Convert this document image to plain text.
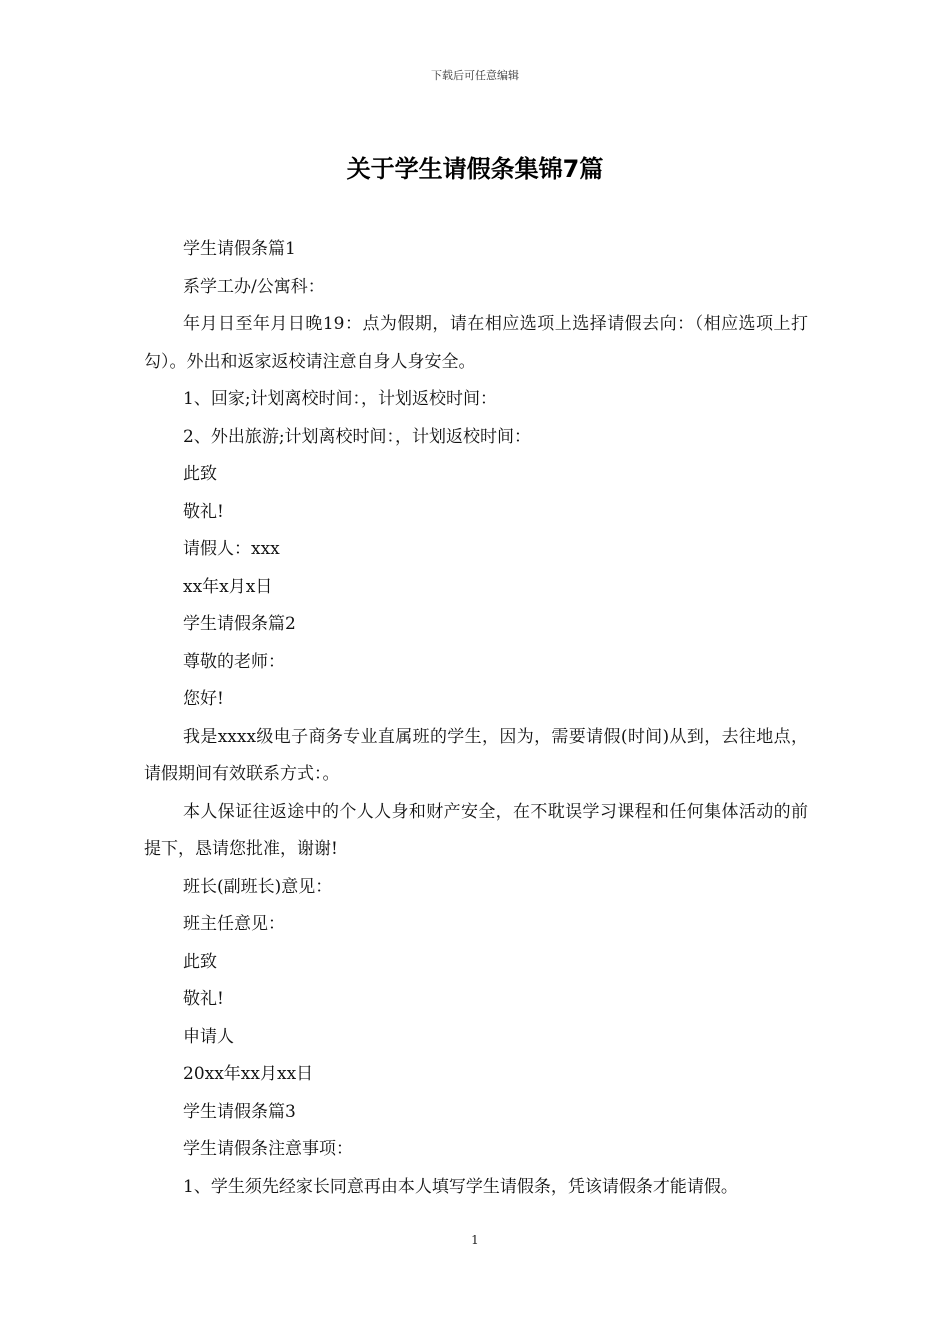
下载后可任意编辑
关于学生请假条集锦7篇

学生请假条篇1

系学工办/公寓科：

年月日至年月日晚19：点为假期，请在相应选项上选择请假去向：（相应选项上打勾）。外出和返家返校请注意自身人身安全。

1、回家;计划离校时间：，计划返校时间：

2、外出旅游;计划离校时间：，计划返校时间：

此致

敬礼!

请假人：xxx

xx年x月x日

学生请假条篇2

尊敬的老师：

您好!

我是xxxx级电子商务专业直属班的学生，因为，需要请假(时间)从到，去往地点，请假期间有效联系方式：。

本人保证往返途中的个人人身和财产安全，在不耽误学习课程和任何集体活动的前提下，恳请您批准，谢谢!

班长(副班长)意见：

班主任意见：

此致

敬礼!

申请人

20xx年xx月xx日

学生请假条篇3

学生请假条注意事项：

1、学生须先经家长同意再由本人填写学生请假条，凭该请假条才能请假。

1
